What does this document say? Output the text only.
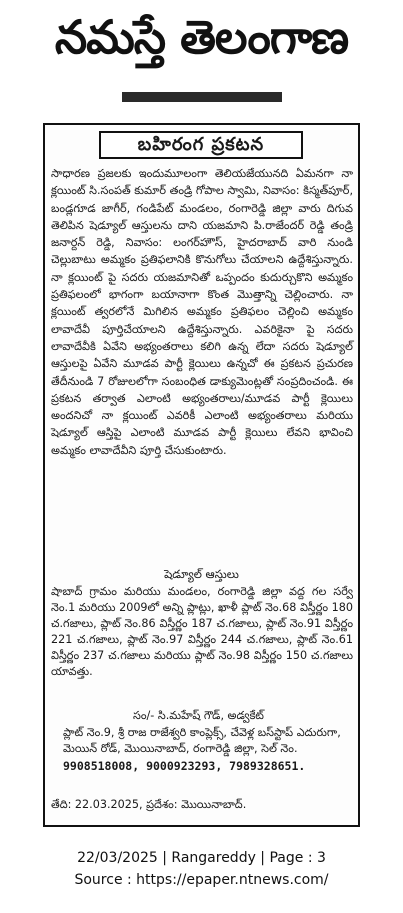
నమస్తే తెలంగాణ
బహిరంగ ప్రకటన

సాధారణ ప్రజలకు ఇందుమూలంగా తెలియజేయునది ఏమనగా నా క్లయింట్ సి.సంపత్ కుమార్ తండ్రి గోపాల స్వామి, నివాసం: కిస్మత్‌పూర్, బండ్లగూడ జాగీర్, గండిపేట్ మండలం, రంగారెడ్డి జిల్లా వారు దిగువ తెలిపిన షెడ్యూల్ ఆస్తులను దాని యజమాని పి.రాజేందర్ రెడ్డి తండ్రి జనార్దన్ రెడ్డి, నివాసం: లంగర్‌హౌస్, హైదరాబాద్ వారి నుండి చెల్లుబాటు అమ్మకం ప్రతిఫలానికి కొనుగోలు చేయాలని ఉద్దేశిస్తున్నారు. నా క్లయింట్ పై సదరు యజమానితో ఒప్పందం కుదుర్చుకొని అమ్మకం ప్రతిఫలంలో భాగంగా బయానాగా కొంత మొత్తాన్ని చెల్లించారు. నా క్లయింట్ త్వరలోనే మిగిలిన అమ్మకం ప్రతిఫలం చెల్లించి అమ్మకం లావాదేవీ పూర్తిచేయాలని ఉద్దేశిస్తున్నారు. ఎవరికైనా పై సదరు లావాదేవీకి ఏవేని అభ్యంతరాలు కలిగి ఉన్న లేదా సదరు షెడ్యూల్ ఆస్తులపై ఏవేని మూడవ పార్టీ క్లెయిలు ఉన్నచో ఈ ప్రకటన ప్రచురణ తేదీనుండి 7 రోజులలోగా సంబంధిత డాక్యుమెంట్లతో సంప్రదించండి. ఈ ప్రకటన తర్వాత ఎలాంటి అభ్యంతరాలు/మూడవ పార్టీ క్లెయిలు అందనిచో నా క్లయింట్ ఎవరికీ ఎలాంటి అభ్యంతరాలు మరియు షెడ్యూల్ ఆస్తిపై ఎలాంటి మూడవ పార్టీ క్లెయిలు లేవని భావించి అమ్మకం లావాదేవీని పూర్తి చేసుకుంటారు.

షెడ్యూల్ ఆస్తులు
షాబాద్ గ్రామం మరియు మండలం, రంగారెడ్డి జిల్లా వద్ద గల సర్వే నెం.1 మరియు 2009లో అన్ని ప్లాట్లు, ఖాళీ ప్లాట్ నెం.68 విస్తీర్ణం 180 చ.గజాలు, ప్లాట్ నెం.86 విస్తీర్ణం 187 చ.గజాలు, ప్లాట్ నెం.91 విస్తీర్ణం 221 చ.గజాలు, ప్లాట్ నెం.97 విస్తీర్ణం 244 చ.గజాలు, ప్లాట్ నెం.61 విస్తీర్ణం 237 చ.గజాలు మరియు ప్లాట్ నెం.98 విస్తీర్ణం 150 చ.గజాలు యావత్తు.
సం/- సి.మహేష్ గౌడ్, అడ్వకేట్
ప్లాట్ నెం.9, శ్రీ రాజ రాజేశ్వరి కాంప్లెక్స్, చేవెళ్ల బస్‌స్టాప్ ఎదురుగా, మెయిన్ రోడ్, మొయినాబాద్, రంగారెడ్డి జిల్లా, సెల్ నెం. 9908518008, 9000923293, 7989328651.
తేది: 22.03.2025, ప్రదేశం: మొయినాబాద్.
22/03/2025 | Rangareddy | Page : 3
Source : https://epaper.ntnews.com/
